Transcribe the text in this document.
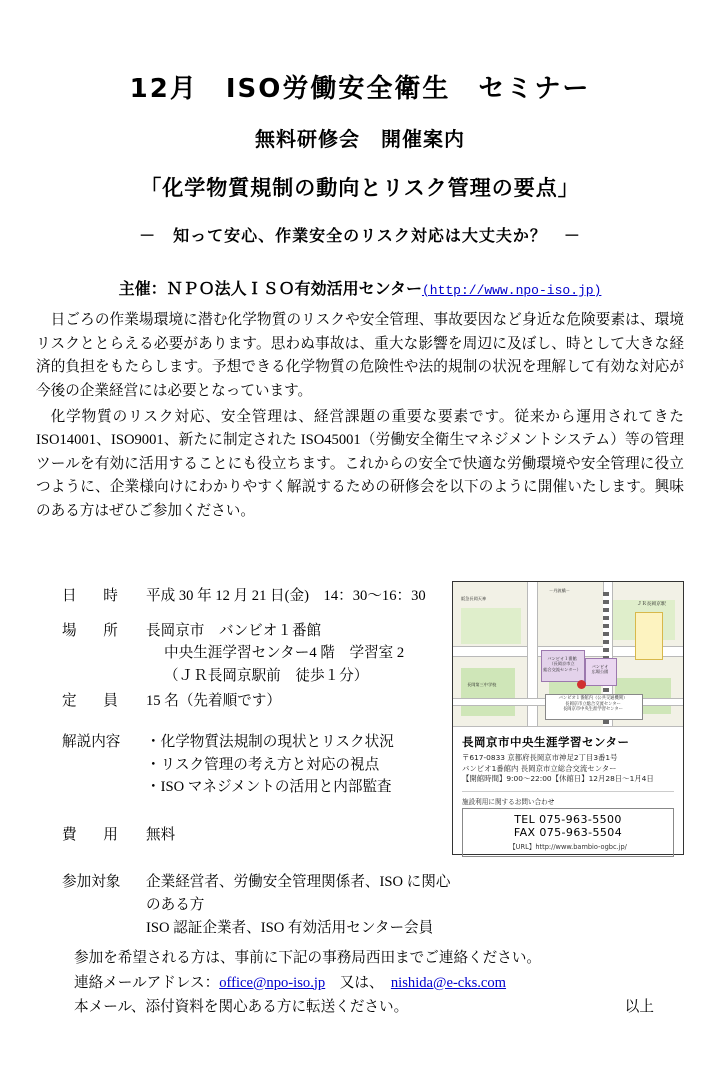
12月　ISO労働安全衛生　セミナー
無料研修会　開催案内
「化学物質規制の動向とリスク管理の要点」
－　知って安心、作業安全のリスク対応は大丈夫か？　－
主催：ＮＰＯ法人ＩＳＯ有効活用センター(http://www.npo-iso.jp)

日ごろの作業場環境に潜む化学物質のリスクや安全管理、事故要因など身近な危険要素は、環境リスクととらえる必要があります。思わぬ事故は、重大な影響を周辺に及ぼし、時として大きな経済的負担をもたらします。予想できる化学物質の危険性や法的規制の状況を理解して有効な対応が今後の企業経営には必要となっています。

化学物質のリスク対応、安全管理は、経営課題の重要な要素です。従来から運用されてきた ISO14001、ISO9001、新たに制定された ISO45001（労働安全衛生マネジメントシステム）等の管理ツールを有効に活用することにも役立ちます。これからの安全で快適な労働環境や安全管理に役立つように、企業様向けにわかりやすく解説するための研修会を以下のように開催いたします。興味のある方はぜひご参加ください。

日　時	平成 30 年 12 月 21 日(金)　14：30～16：30
場　所	長岡京市　バンビオ１番館
中央生涯学習センター4 階　学習室 2
（ＪＲ長岡京駅前　徒歩１分）
定　員	15 名（先着順です）
解説内容	・化学物質法規制の現状とリスク状況
・リスク管理の考え方と対応の視点
・ISO マネジメントの活用と内部監査
費　用	無料
参加対象	企業経営者、労働安全管理関係者、ISO に関心のある方
ISO 認証企業者、ISO 有効活用センター会員
ＪＲ長岡京駅
バンビオ１番館
（長岡京市立
総合交流センター）
バンビオ
広場公園
バンビオ１番館内（公共交通機関）
長岡京市立総合交流センター
長岡京市中央生涯学習センター
－丹波橋－
阪急長岡天神
長岡第三中学校
長岡京市中央生涯学習センター
〒617-0833 京都府長岡京市神足2丁目3番1号
バンビオ1番館内 長岡京市立総合交流センター
【開館時間】9:00～22:00【休館日】12月28日～1月4日
施設利用に関するお問い合わせ
TEL 075-963-5500
FAX 075-963-5504
【URL】http://www.bambio-ogbc.jp/
参加を希望される方は、事前に下記の事務局西田までご連絡ください。
連絡メールアドレス：office@npo-iso.jp　又は、　nishida@e-cks.com
本メール、添付資料を関心ある方に転送ください。	以上
